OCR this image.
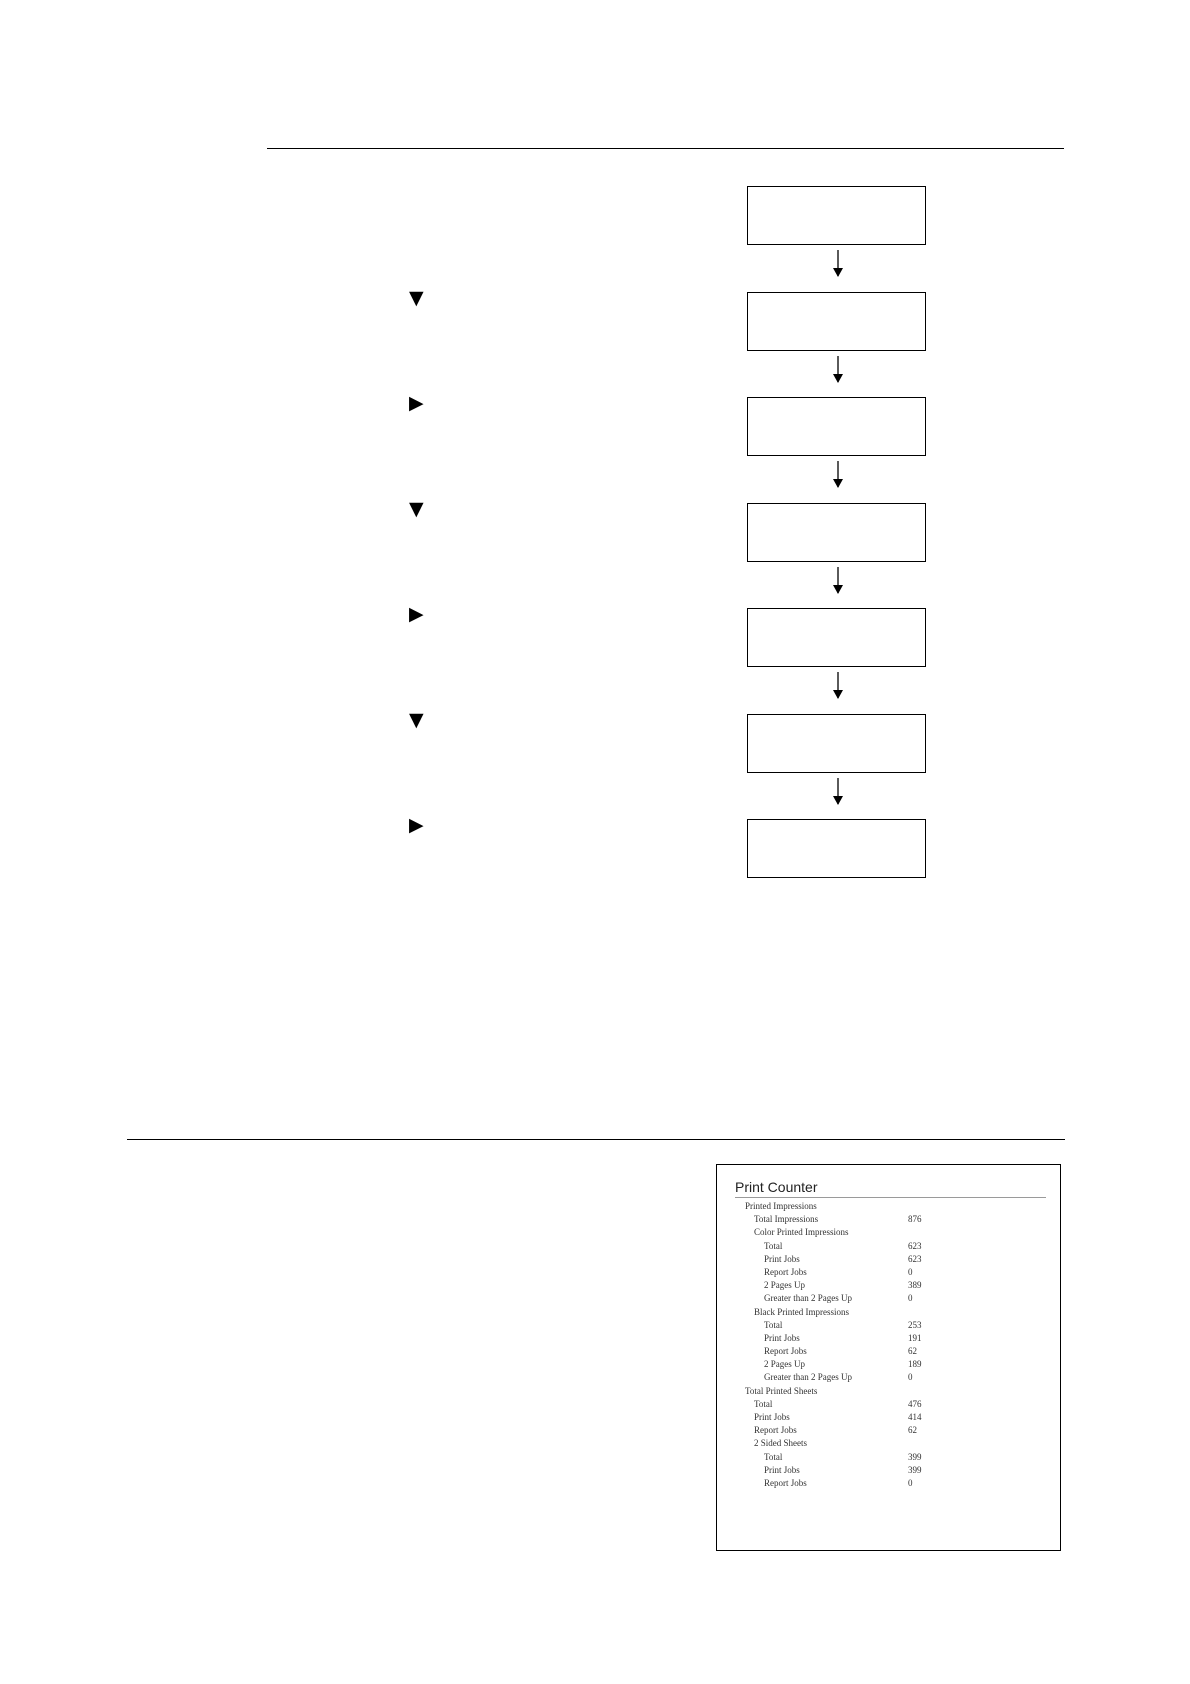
▼
▶
▼
▶
▼
▶
Print Counter
Printed Impressions
Total Impressions	876
Color Printed Impressions
Total	623
Print Jobs	623
Report Jobs	0
2 Pages Up	389
Greater than 2 Pages Up	0
Black Printed Impressions
Total	253
Print Jobs	191
Report Jobs	62
2 Pages Up	189
Greater than 2 Pages Up	0
Total Printed Sheets
Total	476
Print Jobs	414
Report Jobs	62
2 Sided Sheets
Total	399
Print Jobs	399
Report Jobs	0
